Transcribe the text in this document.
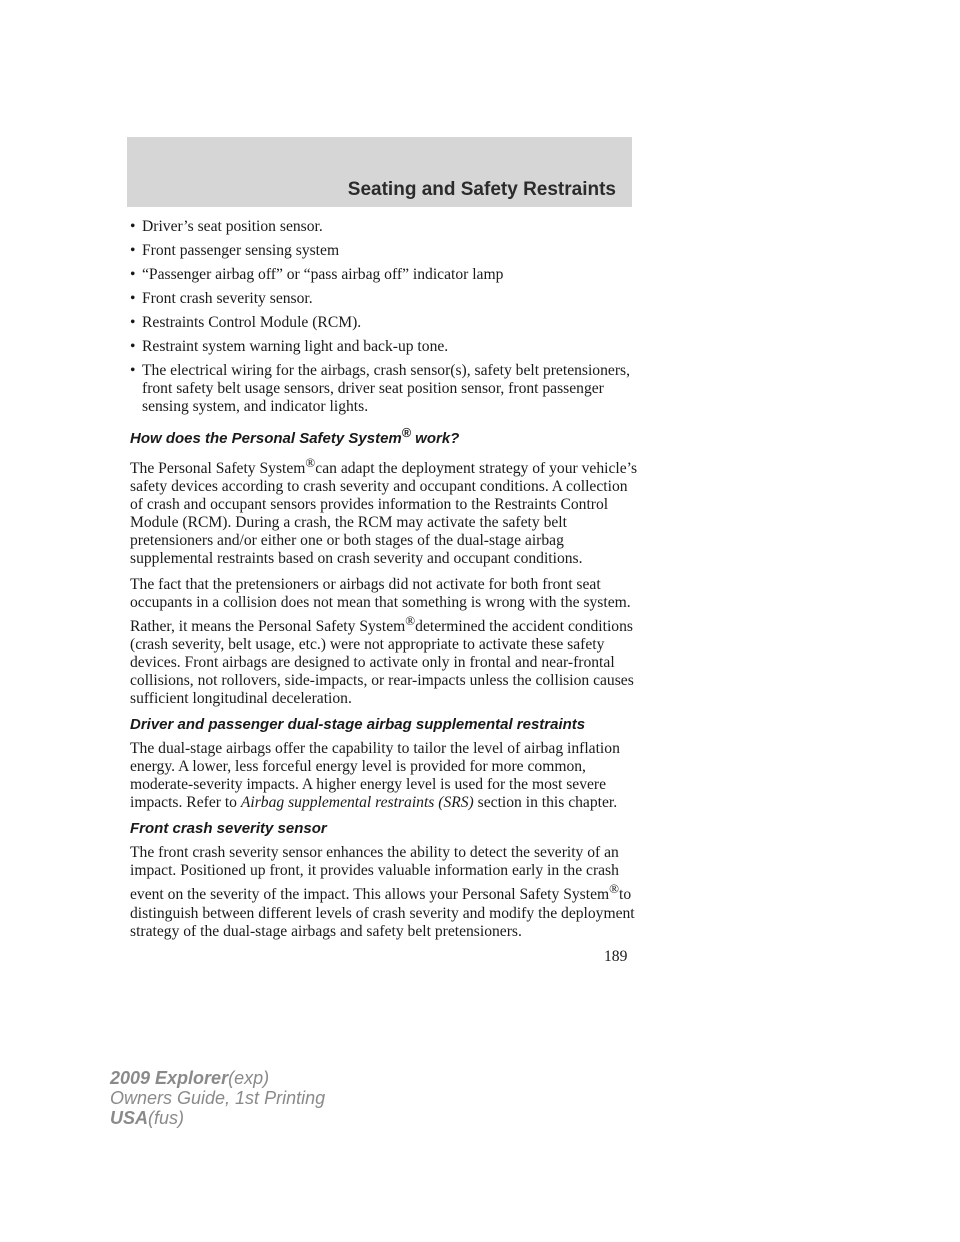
Seating and Safety Restraints
• Driver’s seat position sensor.
• Front passenger sensing system
• “Passenger airbag off” or “pass airbag off” indicator lamp
• Front crash severity sensor.
• Restraints Control Module (RCM).
• Restraint system warning light and back-up tone.
• The electrical wiring for the airbags, crash sensor(s), safety belt pretensioners, front safety belt usage sensors, driver seat position sensor, front passenger sensing system, and indicator lights.
How does the Personal Safety System® work?

The Personal Safety System®can adapt the deployment strategy of your vehicle’s safety devices according to crash severity and occupant conditions. A collection of crash and occupant sensors provides information to the Restraints Control Module (RCM). During a crash, the RCM may activate the safety belt pretensioners and/or either one or both stages of the dual-stage airbag supplemental restraints based on crash severity and occupant conditions.

The fact that the pretensioners or airbags did not activate for both front seat occupants in a collision does not mean that something is wrong with the system. Rather, it means the Personal Safety System®determined the accident conditions (crash severity, belt usage, etc.) were not appropriate to activate these safety devices. Front airbags are designed to activate only in frontal and near-frontal collisions, not rollovers, side-impacts, or rear-impacts unless the collision causes sufficient longitudinal deceleration.

Driver and passenger dual-stage airbag supplemental restraints

The dual-stage airbags offer the capability to tailor the level of airbag inflation energy. A lower, less forceful energy level is provided for more common, moderate-severity impacts. A higher energy level is used for the most severe impacts. Refer to Airbag supplemental restraints (SRS) section in this chapter.

Front crash severity sensor

The front crash severity sensor enhances the ability to detect the severity of an impact. Positioned up front, it provides valuable information early in the crash event on the severity of the impact. This allows your Personal Safety System®to distinguish between different levels of crash severity and modify the deployment strategy of the dual-stage airbags and safety belt pretensioners.

189
2009 Explorer(exp)
Owners Guide, 1st Printing
USA(fus)
